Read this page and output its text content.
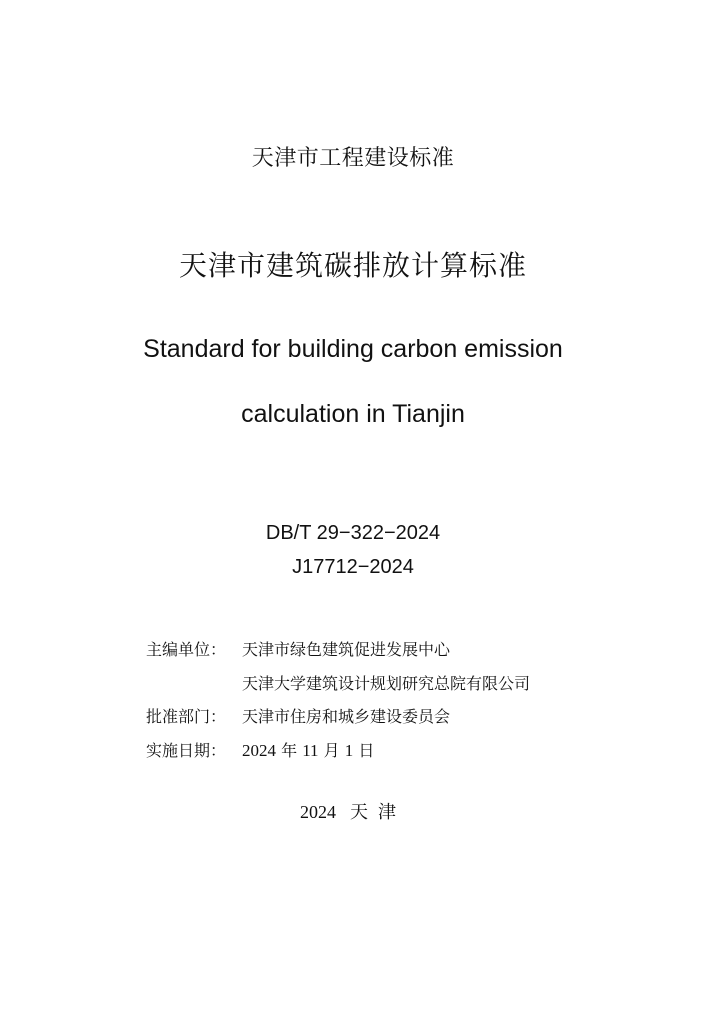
天津市工程建设标准
天津市建筑碳排放计算标准
Standard for building carbon emission
calculation in Tianjin
DB/T 29−322−2024
J17712−2024
主编单位： 天津市绿色建筑促进发展中心
天津大学建筑设计规划研究总院有限公司
批准部门： 天津市住房和城乡建设委员会
实施日期： 2024 年 11 月 1 日
2024 天津
